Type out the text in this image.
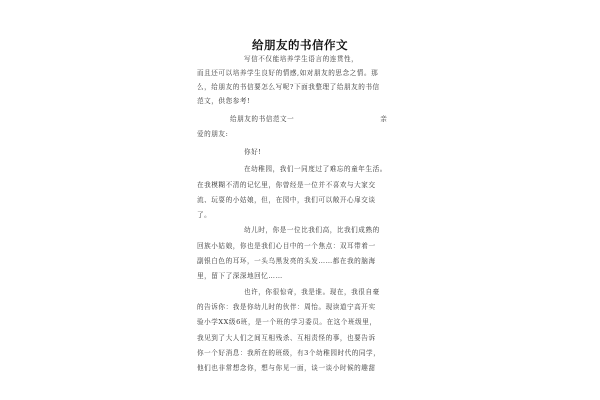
给朋友的书信作文
写信不仅能培养学生语言的连贯性，
而且还可以培养学生良好的情感,如对朋友的思念之情。那
么，给朋友的书信要怎么写呢?下面我整理了给朋友的书信
范文，供您参考!
给朋友的书信范文一	亲
爱的朋友:
你好!
在幼稚园，我们一同度过了难忘的童年生活。
在我模糊不清的记忆里，你曾经是一位并不喜欢与大家交
流、玩耍的小姑娘，但，在园中，我们可以敞开心扉交谈
了。
幼儿时，你是一位比我们高，比我们成熟的
回族小姑娘，你也是我们心目中的一个焦点：双耳带着一
副银白色的耳环，一头乌黑发亮的头发……都在我的脑海
里，留下了深深地回忆……
也许，你很惊奇，我是谁。现在，我很自豪
的告诉你：我是你幼儿时的伙伴：周怡。现读道宁高开实
验小学XX级6班，是一个班的学习委员。在这个班级里，
我见到了大人们之间互相残杀、互相责怪的事，也要告诉
你一个好消息：我所在的班级，有3个幼稚园时代的同学，
他们也非常想念你，想与你见一面，谈一谈小时候的趣甜
